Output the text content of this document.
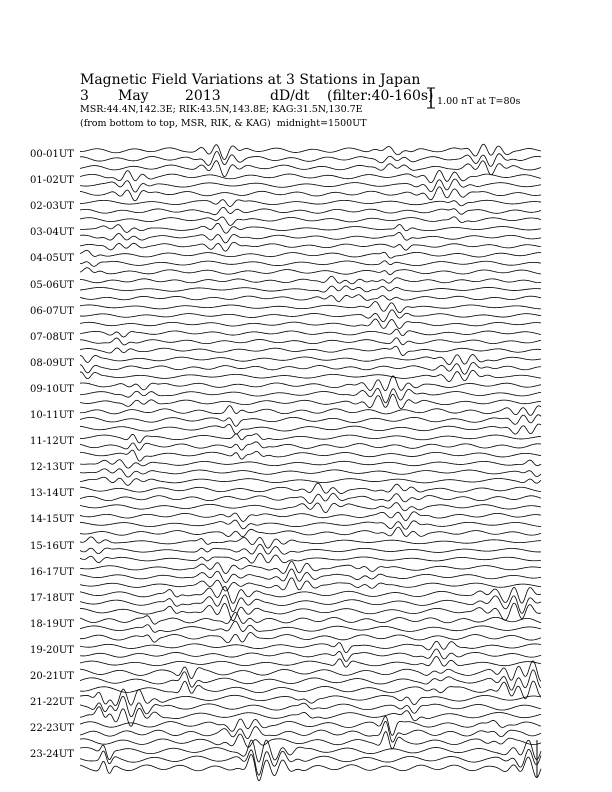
Magnetic Field Variations at 3 Stations in Japan
3 May	2013	dD/dt (filter:40-160s)
MSR:44.4N,142.3E; RIK:43.5N,143.8E; KAG:31.5N,130.7E
(from bottom to top, MSR, RIK, & KAG) midnight=1500UT
1.00 nT at T=80s
00-01UT
01-02UT
02-03UT
03-04UT
04-05UT
05-06UT
06-07UT
07-08UT
08-09UT
09-10UT
10-11UT
11-12UT
12-13UT
13-14UT
14-15UT
15-16UT
16-17UT
17-18UT
18-19UT
19-20UT
20-21UT
21-22UT
22-23UT
23-24UT
